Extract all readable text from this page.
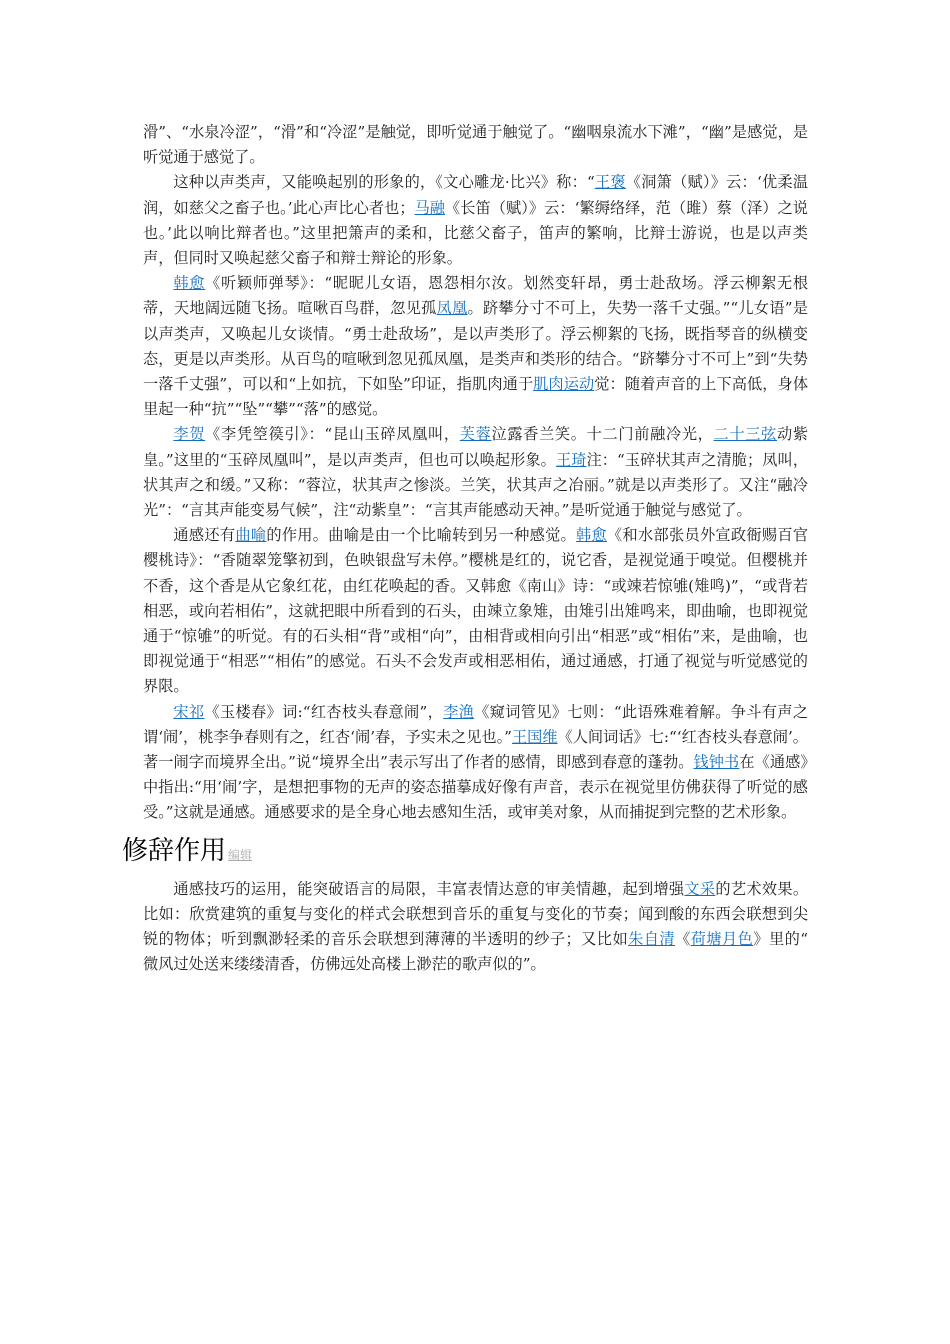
滑”、“水泉冷涩”，“滑”和“冷涩”是触觉，即听觉通于触觉了。“幽咽泉流水下滩”，“幽”是感觉，是听觉通于感觉了。

这种以声类声，又能唤起别的形象的，《文心雕龙·比兴》称：“王褒《洞箫（赋）》云：‘优柔温润，如慈父之畜子也。’此心声比心者也；马融《长笛（赋）》云：‘繁缛络绎，范（雎）蔡（泽）之说也。’此以响比辩者也。”这里把箫声的柔和，比慈父畜子，笛声的繁响，比辩士游说，也是以声类声，但同时又唤起慈父畜子和辩士辩论的形象。

韩愈《听颖师弹琴》：“昵昵儿女语，恩怨相尔汝。划然变轩昂，勇士赴敌场。浮云柳絮无根蒂，天地阔远随飞扬。喧啾百鸟群，忽见孤凤凰。跻攀分寸不可上，失势一落千丈强。”“儿女语”是以声类声，又唤起儿女谈情。“勇士赴敌场”，是以声类形了。浮云柳絮的飞扬，既指琴音的纵横变态，更是以声类形。从百鸟的喧啾到忽见孤凤凰，是类声和类形的结合。“跻攀分寸不可上”到“失势一落千丈强”，可以和“上如抗，下如坠”印证，指肌肉通于肌肉运动觉：随着声音的上下高低，身体里起一种“抗”“坠”“攀”“落”的感觉。

李贺《李凭箜篌引》：“昆山玉碎凤凰叫，芙蓉泣露香兰笑。十二门前融冷光，二十三弦动紫皇。”这里的“玉碎凤凰叫”，是以声类声，但也可以唤起形象。王琦注：“玉碎状其声之清脆；凤叫，状其声之和缓。”又称：“蓉泣，状其声之惨淡。兰笑，状其声之冶丽。”就是以声类形了。又注“融冷光”：“言其声能变易气候”，注“动紫皇”：“言其声能感动天神。”是听觉通于触觉与感觉了。

通感还有曲喻的作用。曲喻是由一个比喻转到另一种感觉。韩愈《和水部张员外宣政衙赐百官樱桃诗》：“香随翠笼擎初到，色映银盘写未停。”樱桃是红的，说它香，是视觉通于嗅觉。但樱桃并不香，这个香是从它象红花，由红花唤起的香。又韩愈《南山》诗：“或竦若惊雊(雉鸣)”，“或背若相恶，或向若相佑”，这就把眼中所看到的石头，由竦立象雉，由雉引出雉鸣来，即曲喻，也即视觉通于“惊雊”的听觉。有的石头相“背”或相“向”，由相背或相向引出“相恶”或“相佑”来，是曲喻，也即视觉通于“相恶”“相佑”的感觉。石头不会发声或相恶相佑，通过通感，打通了视觉与听觉感觉的界限。

宋祁《玉楼春》词:“红杏枝头春意闹”，李渔《窥词管见》七则：“此语殊难着解。争斗有声之谓‘闹’，桃李争春则有之，红杏‘闹’春，予实未之见也。”王国维《人间词话》七:“‘红杏枝头春意闹’。著一闹字而境界全出。”说“境界全出”表示写出了作者的感情，即感到春意的蓬勃。钱钟书在《通感》中指出:“用‘闹’字，是想把事物的无声的姿态描摹成好像有声音，表示在视觉里仿佛获得了听觉的感受。”这就是通感。通感要求的是全身心地去感知生活，或审美对象，从而捕捉到完整的艺术形象。

修辞作用 编辑

通感技巧的运用，能突破语言的局限，丰富表情达意的审美情趣，起到增强文采的艺术效果。比如：欣赏建筑的重复与变化的样式会联想到音乐的重复与变化的节奏；闻到酸的东西会联想到尖锐的物体；听到飘渺轻柔的音乐会联想到薄薄的半透明的纱子；又比如朱自清《荷塘月色》里的“ 微风过处送来缕缕清香，仿佛远处高楼上渺茫的歌声似的”。
